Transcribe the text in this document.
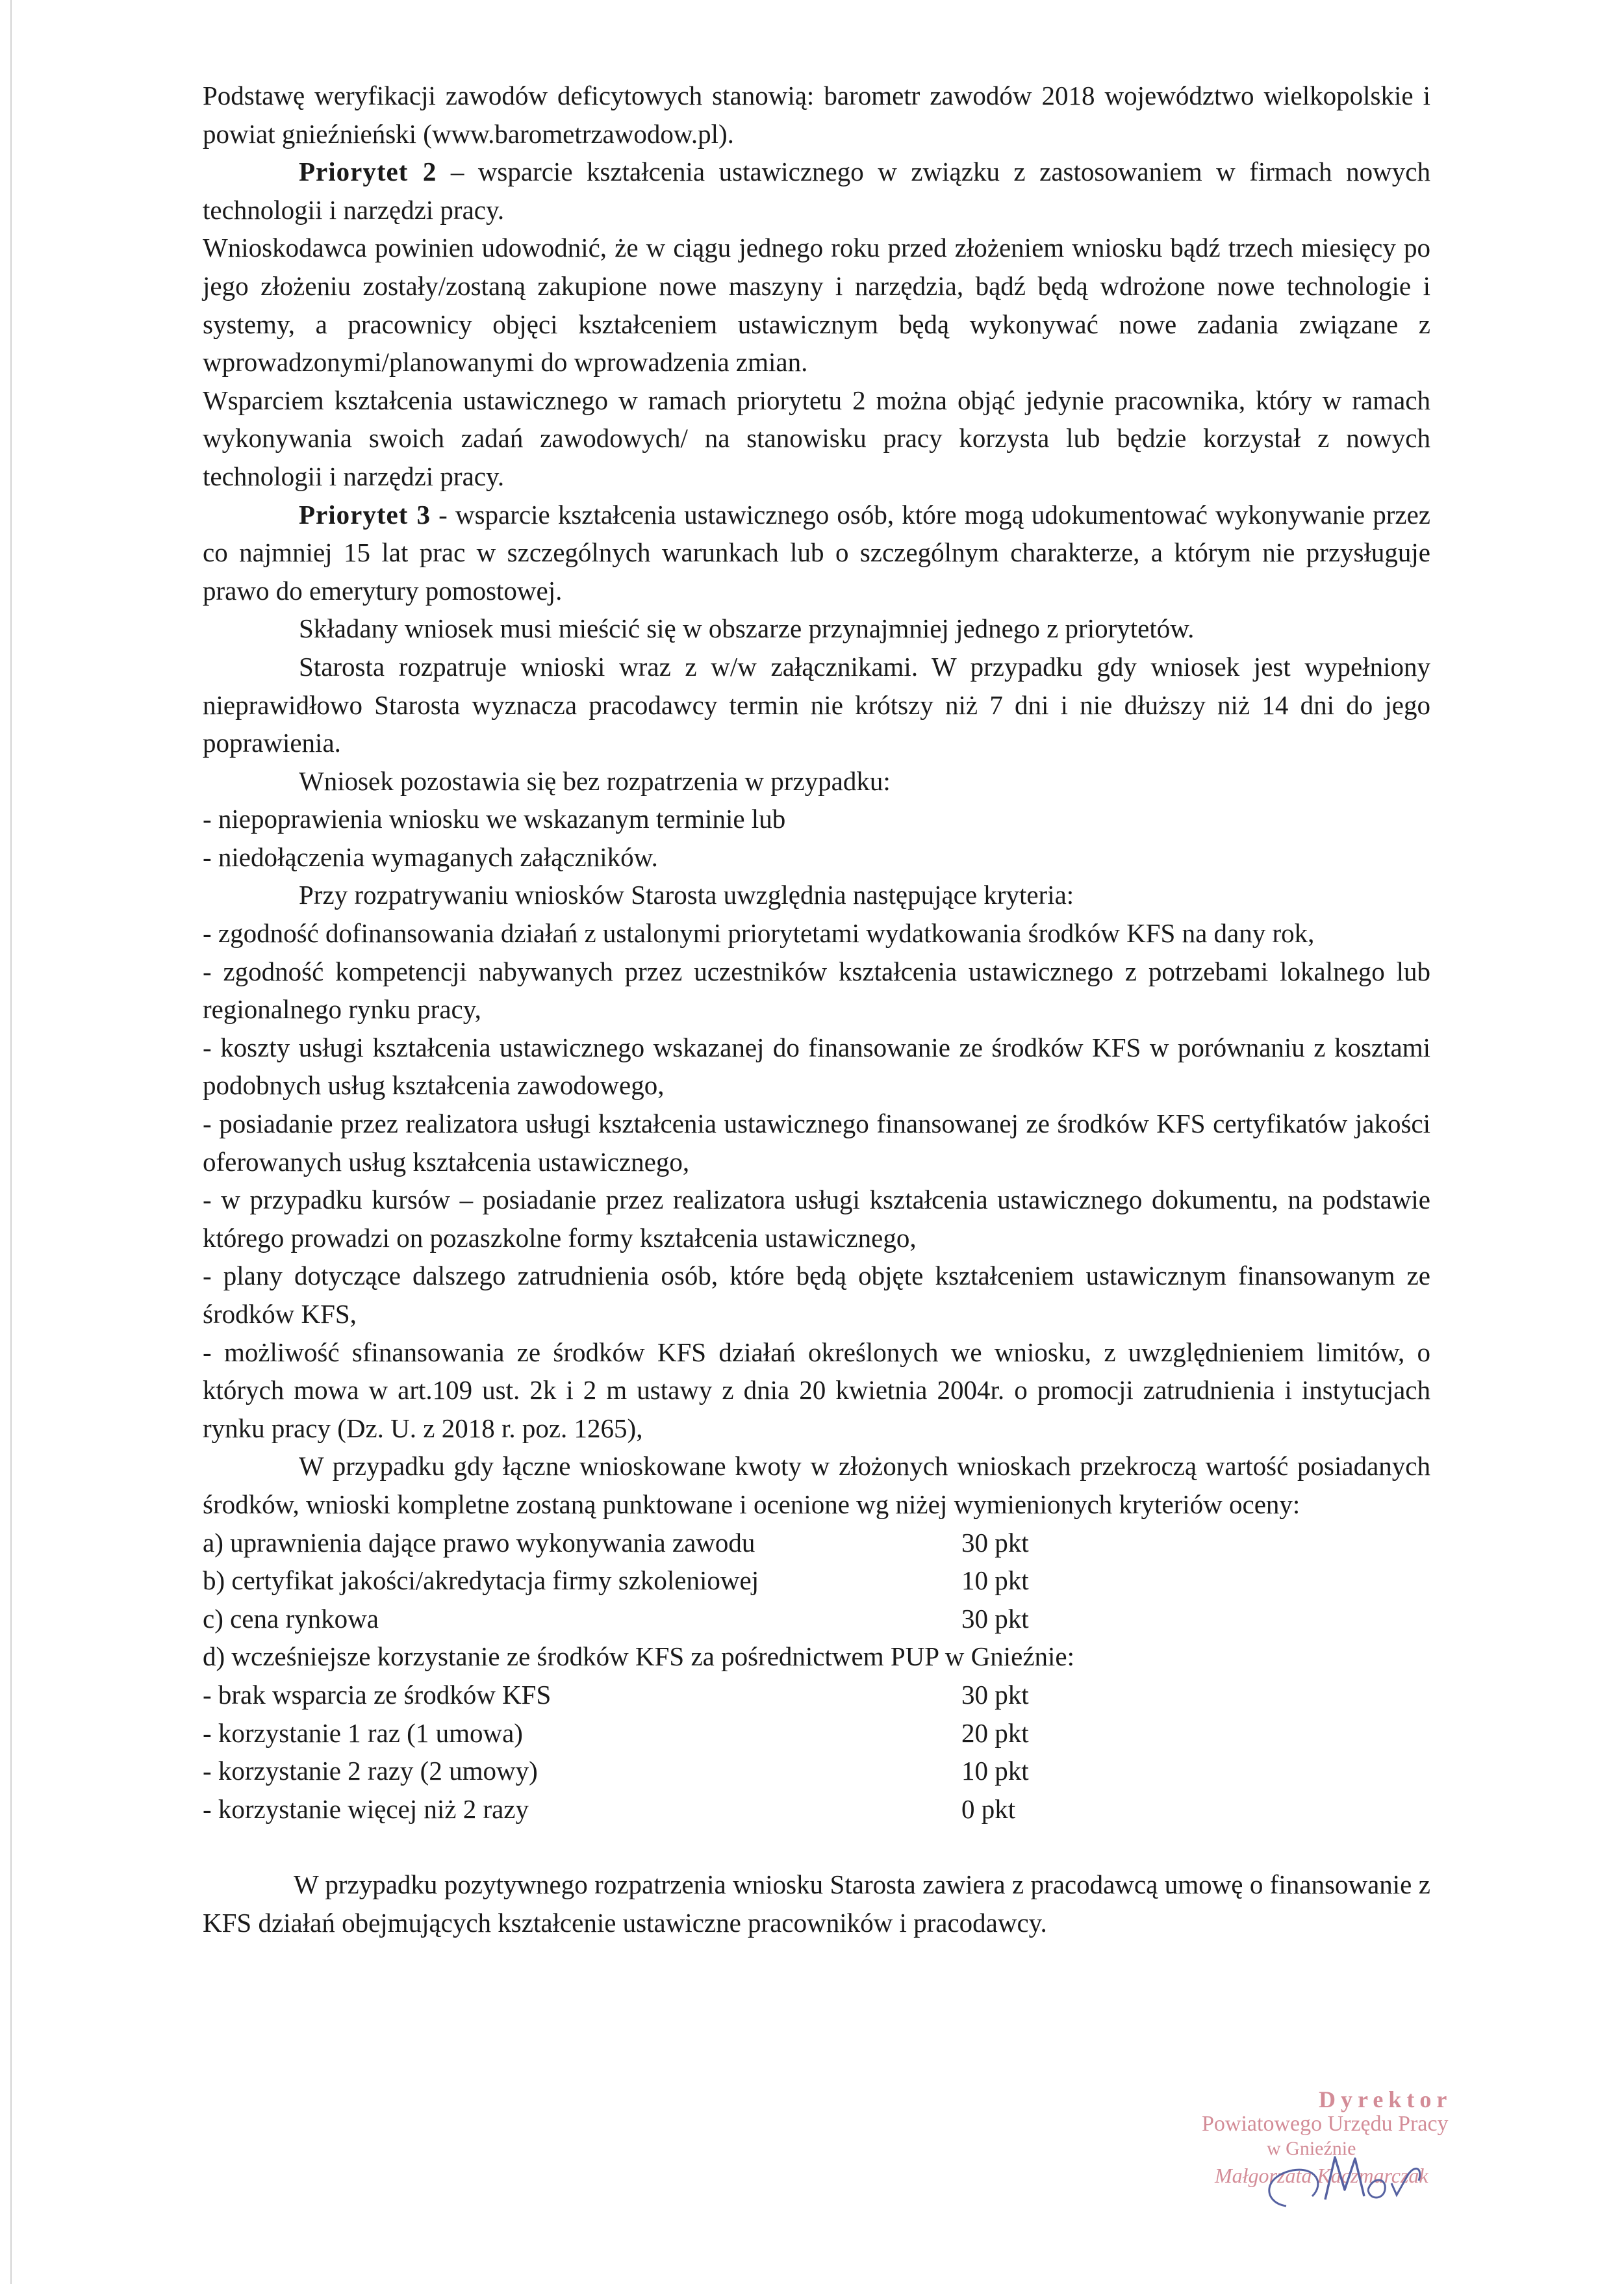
Podstawę weryfikacji zawodów deficytowych stanowią: barometr zawodów 2018 województwo wielkopolskie i powiat gnieźnieński (www.barometrzawodow.pl).

Priorytet 2 – wsparcie kształcenia ustawicznego w związku z zastosowaniem w firmach nowych technologii i narzędzi pracy.

Wnioskodawca powinien udowodnić, że w ciągu jednego roku przed złożeniem wniosku bądź trzech miesięcy po jego złożeniu zostały/zostaną zakupione nowe maszyny i narzędzia, bądź będą wdrożone nowe technologie i systemy, a pracownicy objęci kształceniem ustawicznym będą wykonywać nowe zadania związane z wprowadzonymi/planowanymi do wprowadzenia zmian.

Wsparciem kształcenia ustawicznego w ramach priorytetu 2 można objąć jedynie pracownika, który w ramach wykonywania swoich zadań zawodowych/ na stanowisku pracy korzysta lub będzie korzystał z nowych technologii i narzędzi pracy.

Priorytet 3 - wsparcie kształcenia ustawicznego osób, które mogą udokumentować wykonywanie przez co najmniej 15 lat prac w szczególnych warunkach lub o szczególnym charakterze, a którym nie przysługuje prawo do emerytury pomostowej.

Składany wniosek musi mieścić się w obszarze przynajmniej jednego z priorytetów.

Starosta rozpatruje wnioski wraz z w/w załącznikami. W przypadku gdy wniosek jest wypełniony nieprawidłowo Starosta wyznacza pracodawcy termin nie krótszy niż 7 dni i nie dłuższy niż 14 dni do jego poprawienia.

Wniosek pozostawia się bez rozpatrzenia w przypadku:

- niepoprawienia wniosku we wskazanym terminie lub

- niedołączenia wymaganych załączników.

Przy rozpatrywaniu wniosków Starosta uwzględnia następujące kryteria:

- zgodność dofinansowania działań z ustalonymi priorytetami wydatkowania środków KFS na dany rok,

- zgodność kompetencji nabywanych przez uczestników kształcenia ustawicznego z potrzebami lokalnego lub regionalnego rynku pracy,

- koszty usługi kształcenia ustawicznego wskazanej do finansowanie ze środków KFS w porównaniu z kosztami podobnych usług kształcenia zawodowego,

- posiadanie przez realizatora usługi kształcenia ustawicznego finansowanej ze środków KFS certyfikatów jakości oferowanych usług kształcenia ustawicznego,

- w przypadku kursów – posiadanie przez realizatora usługi kształcenia ustawicznego dokumentu, na podstawie którego prowadzi on pozaszkolne formy kształcenia ustawicznego,

- plany dotyczące dalszego zatrudnienia osób, które będą objęte kształceniem ustawicznym finansowanym ze środków KFS,

- możliwość sfinansowania ze środków KFS działań określonych we wniosku, z uwzględnieniem limitów, o których mowa w art.109 ust. 2k i 2 m ustawy z dnia 20 kwietnia 2004r. o promocji zatrudnienia i instytucjach rynku pracy (Dz. U. z 2018 r. poz. 1265),

W przypadku gdy łączne wnioskowane kwoty w złożonych wnioskach przekroczą wartość posiadanych środków, wnioski kompletne zostaną punktowane i ocenione wg niżej wymienionych kryteriów oceny:

a) uprawnienia dające prawo wykonywania zawodu	30 pkt
b) certyfikat jakości/akredytacja firmy szkoleniowej	10 pkt
c) cena rynkowa	30 pkt

d) wcześniejsze korzystanie ze środków KFS za pośrednictwem PUP w Gnieźnie:

- brak wsparcia ze środków KFS	30 pkt
- korzystanie 1 raz (1 umowa)	20 pkt
- korzystanie 2 razy (2 umowy)	10 pkt
- korzystanie więcej niż 2 razy	0 pkt

W przypadku pozytywnego rozpatrzenia wniosku Starosta zawiera z pracodawcą umowę o finansowanie z KFS działań obejmujących kształcenie ustawiczne pracowników i pracodawcy.

Dyrektor
Powiatowego Urzędu Pracy
w Gnieźnie
Małgorzata Kaczmarczak
